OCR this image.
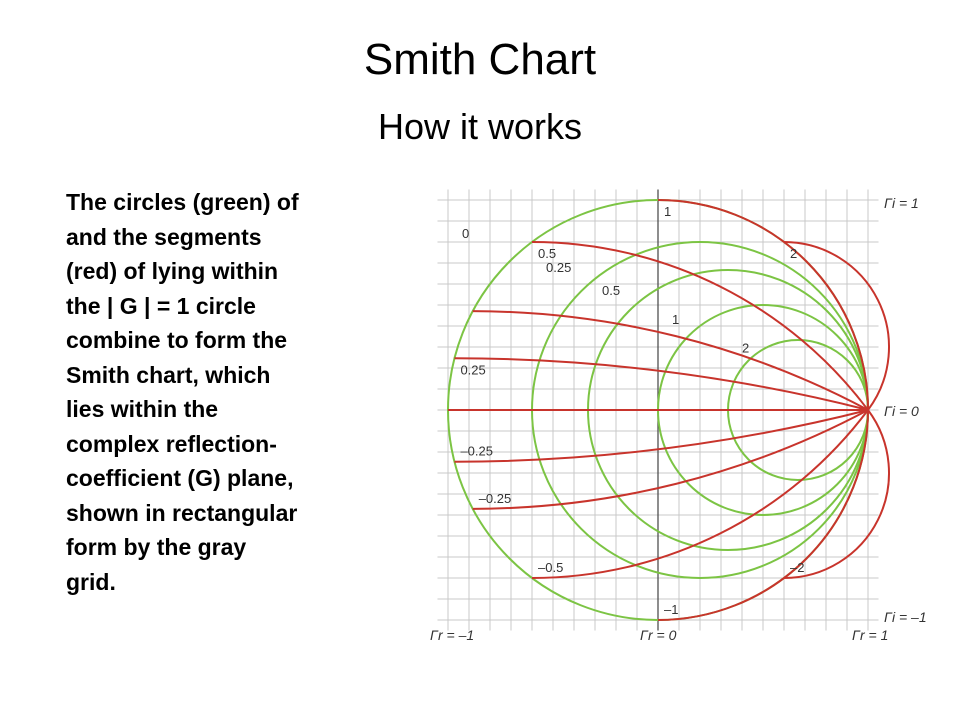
Smith Chart
How it works
The circles (green) of
and the segments
(red) of lying within
the | G | = 1 circle
combine to form the
Smith chart, which
lies within the
complex reflection-
coefficient (G) plane,
shown in rectangular
form by the gray
grid.
0
0.25
0.5
1
2
0.5
1
2
–0.25
–0.5
–1
–2
0.25
–0.25
Γi = 1
Γi = 0
Γi = –1
Γr = –1	Γr = 0	Γr = 1
